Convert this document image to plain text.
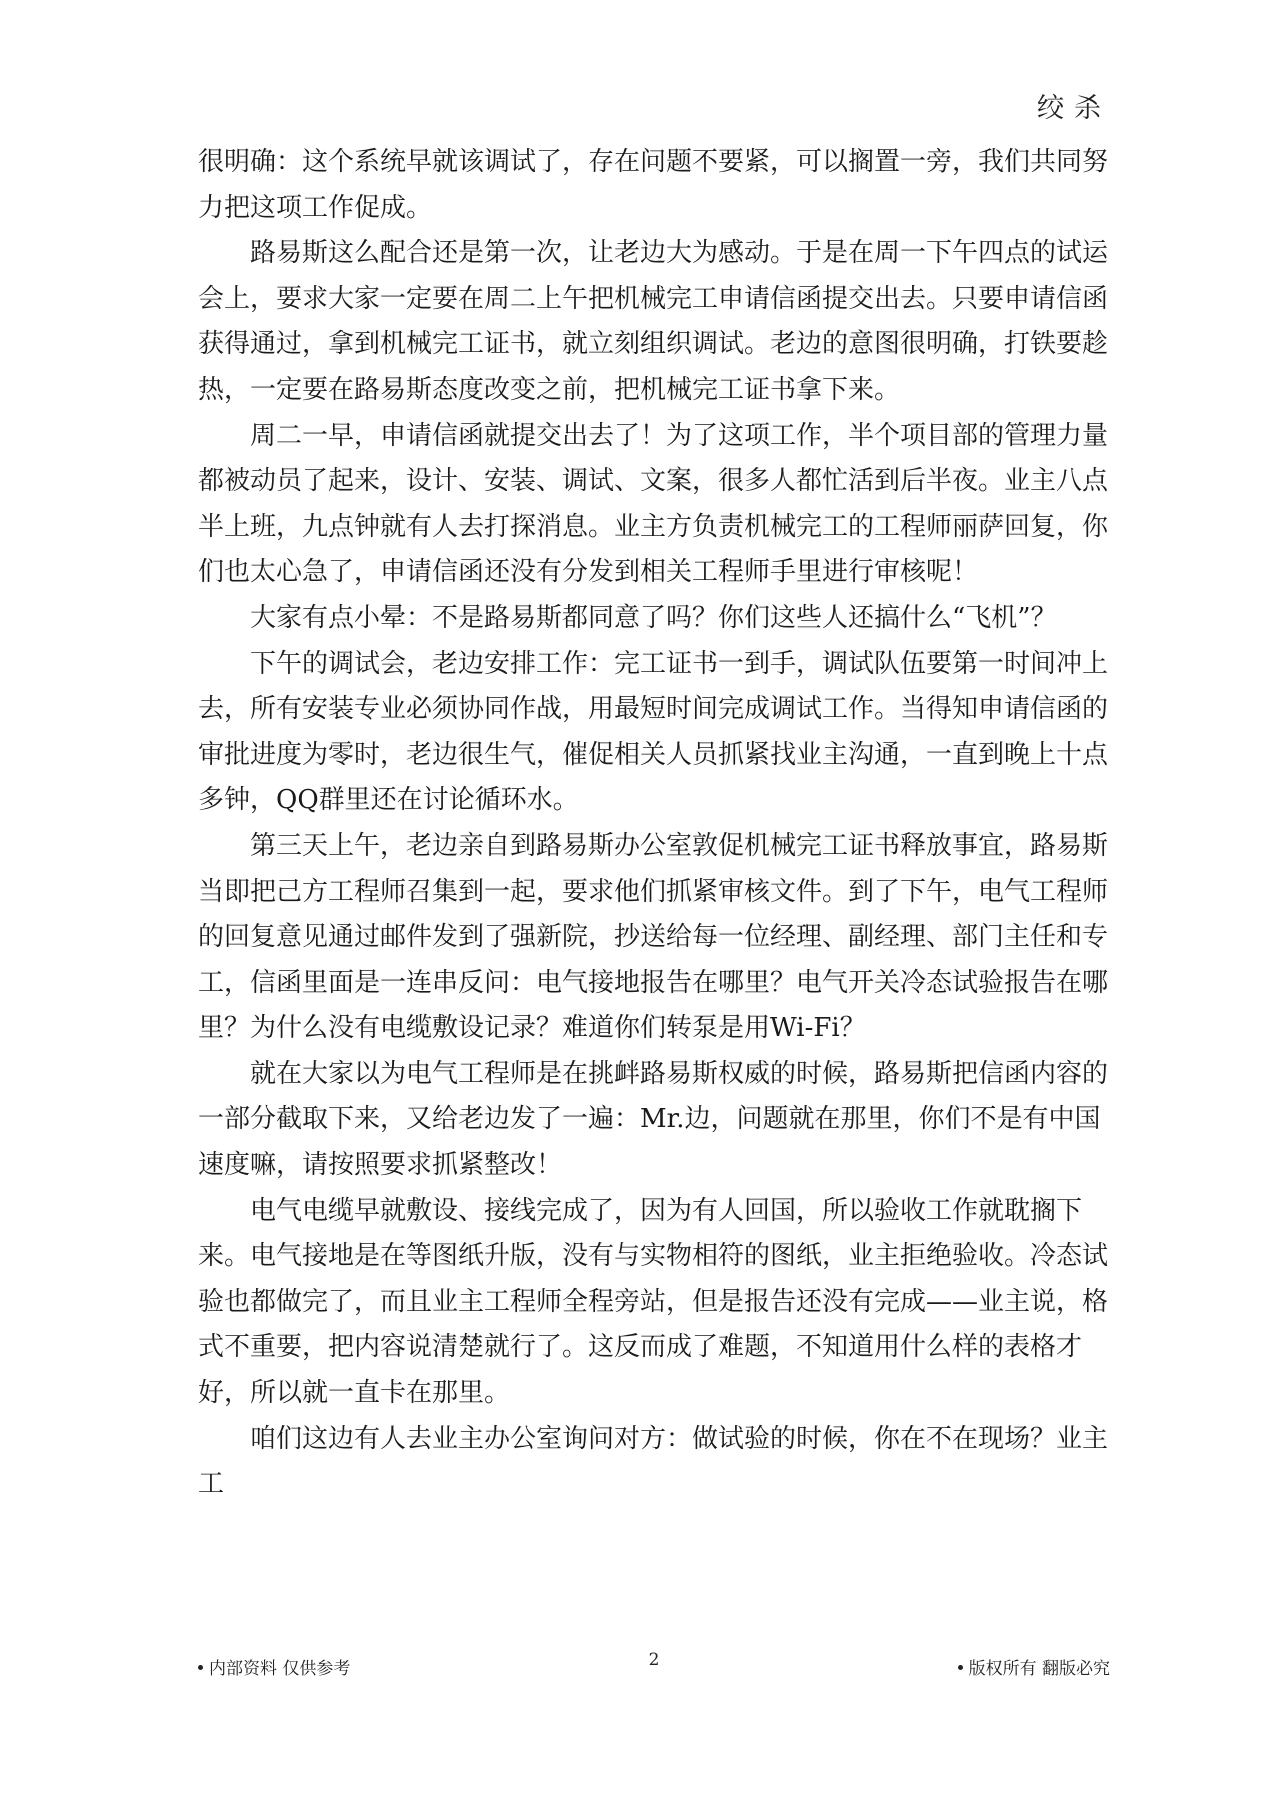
绞杀

很明确：这个系统早就该调试了，存在问题不要紧，可以搁置一旁，我们共同努力把这项工作促成。

路易斯这么配合还是第一次，让老边大为感动。于是在周一下午四点的试运会上，要求大家一定要在周二上午把机械完工申请信函提交出去。只要申请信函获得通过，拿到机械完工证书，就立刻组织调试。老边的意图很明确，打铁要趁热，一定要在路易斯态度改变之前，把机械完工证书拿下来。

周二一早，申请信函就提交出去了！为了这项工作，半个项目部的管理力量都被动员了起来，设计、安装、调试、文案，很多人都忙活到后半夜。业主八点半上班，九点钟就有人去打探消息。业主方负责机械完工的工程师丽萨回复，你们也太心急了，申请信函还没有分发到相关工程师手里进行审核呢！

大家有点小晕：不是路易斯都同意了吗？你们这些人还搞什么“飞机”？

下午的调试会，老边安排工作：完工证书一到手，调试队伍要第一时间冲上去，所有安装专业必须协同作战，用最短时间完成调试工作。当得知申请信函的审批进度为零时，老边很生气，催促相关人员抓紧找业主沟通，一直到晚上十点多钟，QQ群里还在讨论循环水。

第三天上午，老边亲自到路易斯办公室敦促机械完工证书释放事宜，路易斯当即把己方工程师召集到一起，要求他们抓紧审核文件。到了下午，电气工程师的回复意见通过邮件发到了强新院，抄送给每一位经理、副经理、部门主任和专工，信函里面是一连串反问：电气接地报告在哪里？电气开关冷态试验报告在哪里？为什么没有电缆敷设记录？难道你们转泵是用Wi-Fi？

就在大家以为电气工程师是在挑衅路易斯权威的时候，路易斯把信函内容的一部分截取下来，又给老边发了一遍：Mr.边，问题就在那里，你们不是有中国速度嘛，请按照要求抓紧整改！

电气电缆早就敷设、接线完成了，因为有人回国，所以验收工作就耽搁下来。电气接地是在等图纸升版，没有与实物相符的图纸，业主拒绝验收。冷态试验也都做完了，而且业主工程师全程旁站，但是报告还没有完成——业主说，格式不重要，把内容说清楚就行了。这反而成了难题，不知道用什么样的表格才好，所以就一直卡在那里。

咱们这边有人去业主办公室询问对方：做试验的时候，你在不在现场？业主工

内部资料 仅供参考	2	版权所有 翻版必究
